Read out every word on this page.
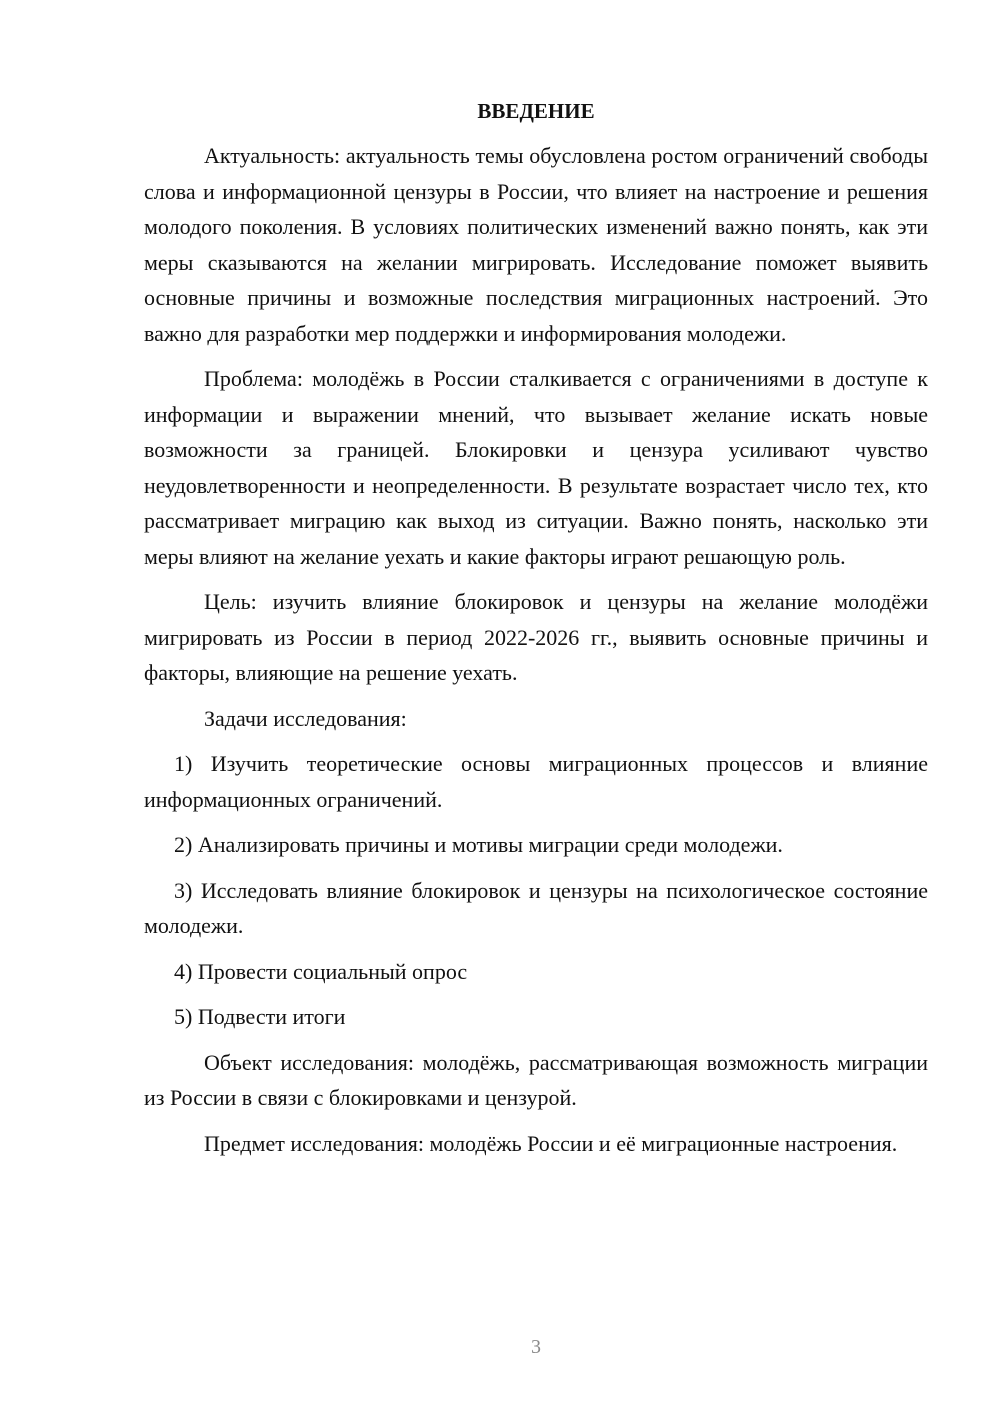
ВВЕДЕНИЕ

Актуальность: актуальность темы обусловлена ростом ограничений свободы слова и информационной цензуры в России, что влияет на настроение и решения молодого поколения. В условиях политических изменений важно понять, как эти меры сказываются на желании мигрировать. Исследование поможет выявить основные причины и возможные последствия миграционных настроений. Это важно для разработки мер поддержки и информирования молодежи.

Проблема: молодёжь в России сталкивается с ограничениями в доступе к информации и выражении мнений, что вызывает желание искать новые возможности за границей. Блокировки и цензура усиливают чувство неудовлетворенности и неопределенности. В результате возрастает число тех, кто рассматривает миграцию как выход из ситуации. Важно понять, насколько эти меры влияют на желание уехать и какие факторы играют решающую роль.

Цель: изучить влияние блокировок и цензуры на желание молодёжи мигрировать из России в период 2022-2026 гг., выявить основные причины и факторы, влияющие на решение уехать.

Задачи исследования:

1) Изучить теоретические основы миграционных процессов и влияние информационных ограничений.

2) Анализировать причины и мотивы миграции среди молодежи.

3) Исследовать влияние блокировок и цензуры на психологическое состояние молодежи.

4) Провести социальный опрос

5) Подвести итоги

Объект исследования: молодёжь, рассматривающая возможность миграции из России в связи с блокировками и цензурой.

Предмет исследования: молодёжь России и её миграционные настроения.

3
